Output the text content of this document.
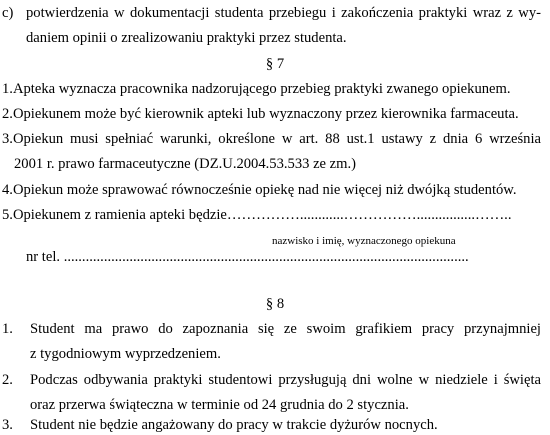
c) potwierdzenia w dokumentacji studenta przebiegu i zakończenia praktyki wraz z wy-
daniem opinii o zrealizowaniu praktyki przez studenta.
§ 7
1.Apteka wyznacza pracownika nadzorującego przebieg praktyki zwanego opiekunem.
2.Opiekunem może być kierownik apteki lub wyznaczony przez kierownika farmaceuta.
3.Opiekun musi spełniać warunki, określone w art. 88 ust.1 ustawy z dnia 6 września
2001 r. prawo farmaceutyczne (DZ.U.2004.53.533 ze zm.)
4.Opiekun może sprawować równocześnie opiekę nad nie więcej niż dwójką studentów.
5.Opiekunem z ramienia apteki będzie……………............……………................……..
nazwisko i imię, wyznaczonego opiekuna
nr tel. ...............................................................................................................
§ 8
1. Student ma prawo do zapoznania się ze swoim grafikiem pracy przynajmniej
z tygodniowym wyprzedzeniem.
2. Podczas odbywania praktyki studentowi przysługują dni wolne w niedziele i święta
oraz przerwa świąteczna w terminie od 24 grudnia do 2 stycznia.
3. Student nie będzie angażowany do pracy w trakcie dyżurów nocnych.
